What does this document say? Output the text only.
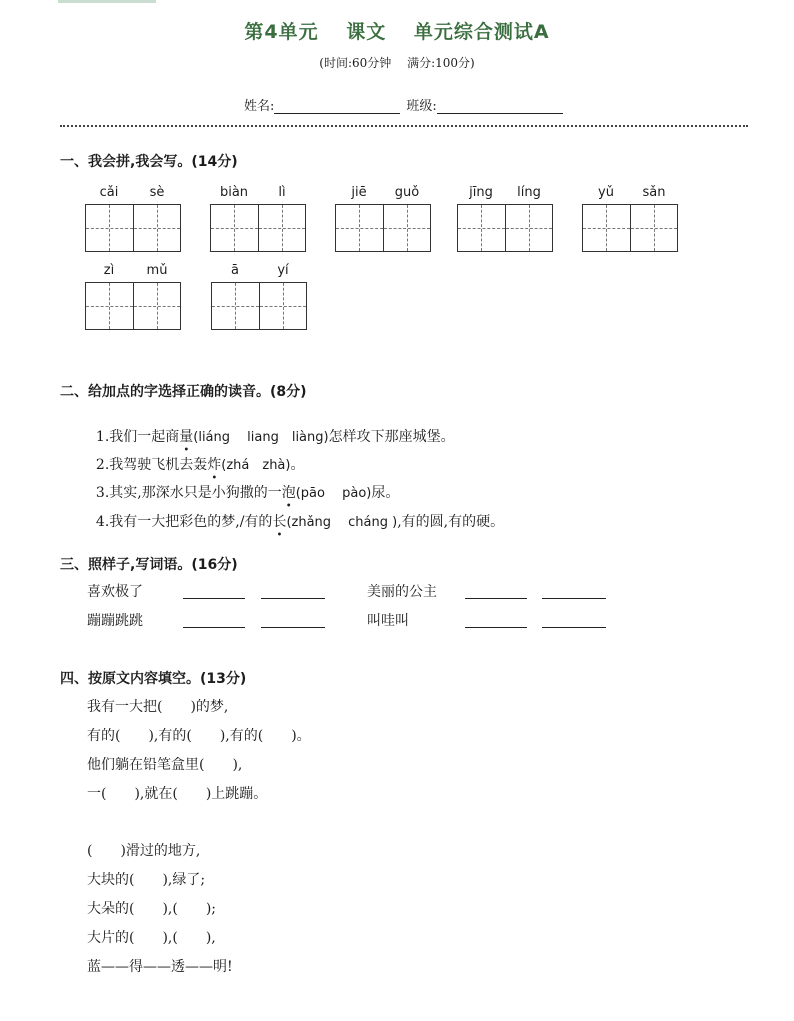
第4单元　 课文 　单元综合测试A
(时间:60分钟　 满分:100分)
姓名:	班级:
一、我会拼,我会写。(14分)
cǎi	sè	biàn	lì	jiē	guǒ	jīng	líng	yǔ	sǎn
zì	mǔ	ā	yí
二、给加点的字选择正确的读音。(8分)

1.我们一起商量(liáng　 liang　liàng)怎样攻下那座城堡。

2.我驾驶飞机去轰炸(zhá　zhà)。

3.其实,那深水只是小狗撒的一泡(pāo　 pào)尿。

4.我有一大把彩色的梦,/有的长(zhǎng　 cháng ),有的圆,有的硬。

三、照样子,写词语。(16分)
喜欢极了	美丽的公主
蹦蹦跳跳	叫哇叫
四、按原文内容填空。(13分)
我有一大把(　　)的梦,
有的(　　),有的(　　),有的(　　)。
他们躺在铅笔盒里(　　),
一(　　),就在(　　)上跳蹦。
(　　)滑过的地方,
大块的(　　),绿了;
大朵的(　　),(　　);
大片的(　　),(　　),
蓝——得——透——明!
